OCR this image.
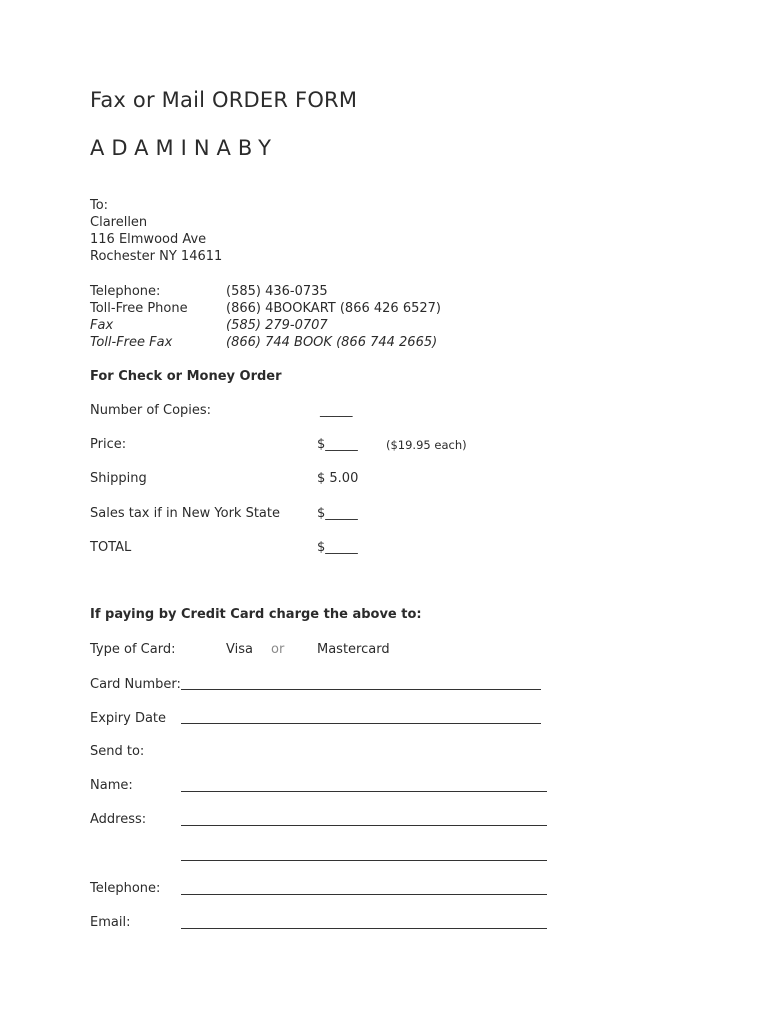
Fax or Mail ORDER FORM
ADAMINABY
To:
Clarellen
116 Elmwood Ave
Rochester NY 14611
Telephone:	(585) 436-0735
Toll-Free Phone	(866) 4BOOKART (866 426 6527)
Fax	(585) 279-0707
Toll-Free Fax	(866) 744 BOOK (866 744 2665)
For Check or Money Order
Number of Copies:	_____
Price:	$_____ ($19.95 each)
Shipping	$ 5.00
Sales tax if in New York State	$_____
TOTAL	$_____
If paying by Credit Card charge the above to:
Type of Card:	Visa or	Mastercard
Card Number:
Expiry Date
Send to:
Name:
Address:
Telephone:
Email:
